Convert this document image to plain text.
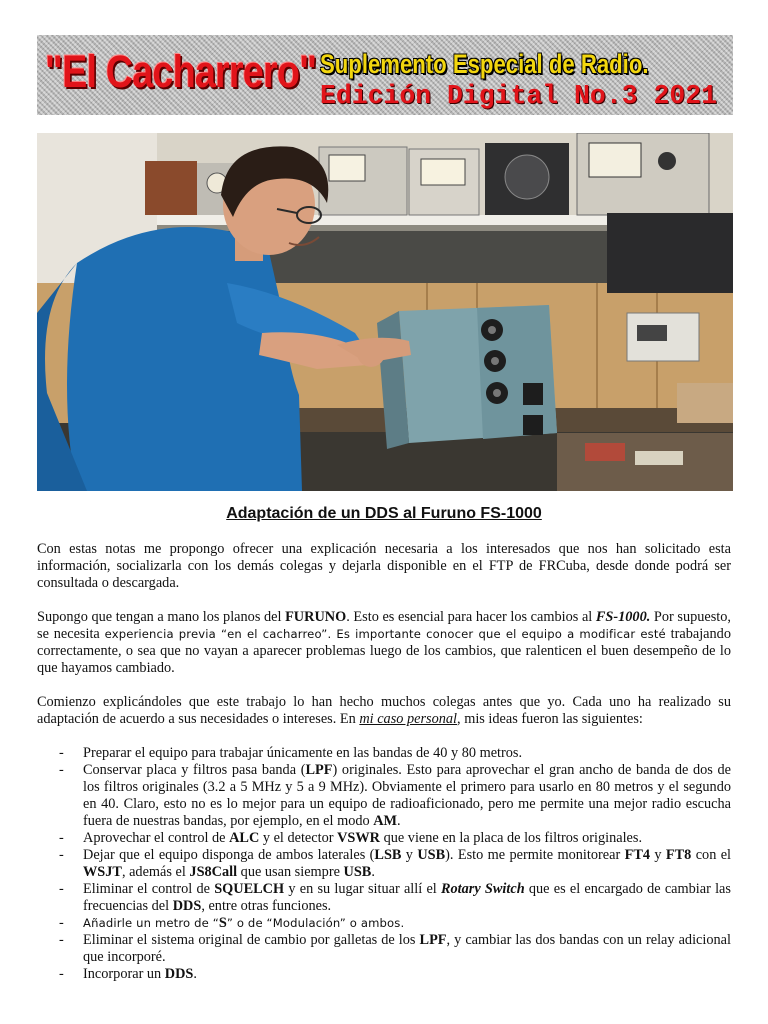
"El Cacharrero" Suplemento Especial de Radio.
Edición Digital No.3 2021
Adaptación de un DDS al Furuno FS-1000

Con estas notas me propongo ofrecer una explicación necesaria a los interesados que nos han solicitado esta información, socializarla con los demás colegas y dejarla disponible en el FTP de FRCuba, desde donde podrá ser consultada o descargada.

Supongo que tengan a mano los planos del FURUNO. Esto es esencial para hacer los cambios al FS-1000. Por supuesto, se necesita experiencia previa “en el cacharreo”. Es importante conocer que el equipo a modificar esté trabajando correctamente, o sea que no vayan a aparecer problemas luego de los cambios, que ralenticen el buen desempeño de lo que hayamos cambiado.

Comienzo explicándoles que este trabajo lo han hecho muchos colegas antes que yo. Cada uno ha realizado su adaptación de acuerdo a sus necesidades o intereses. En mi caso personal, mis ideas fueron las siguientes:

- Preparar el equipo para trabajar únicamente en las bandas de 40 y 80 metros.
- Conservar placa y filtros pasa banda (LPF) originales. Esto para aprovechar el gran ancho de banda de dos de los filtros originales (3.2 a 5 MHz y 5 a 9 MHz). Obviamente el primero para usarlo en 80 metros y el segundo en 40. Claro, esto no es lo mejor para un equipo de radioaficionado, pero me permite una mejor radio escucha fuera de nuestras bandas, por ejemplo, en el modo AM.
- Aprovechar el control de ALC y el detector VSWR que viene en la placa de los filtros originales.
- Dejar que el equipo disponga de ambos laterales (LSB y USB). Esto me permite monitorear FT4 y FT8 con el WSJT, además el JS8Call que usan siempre USB.
- Eliminar el control de SQUELCH y en su lugar situar allí el Rotary Switch que es el encargado de cambiar las frecuencias del DDS, entre otras funciones.
- Añadirle un metro de “S” o de “Modulación” o ambos.
- Eliminar el sistema original de cambio por galletas de los LPF, y cambiar las dos bandas con un relay adicional que incorporé.
- Incorporar un DDS.
